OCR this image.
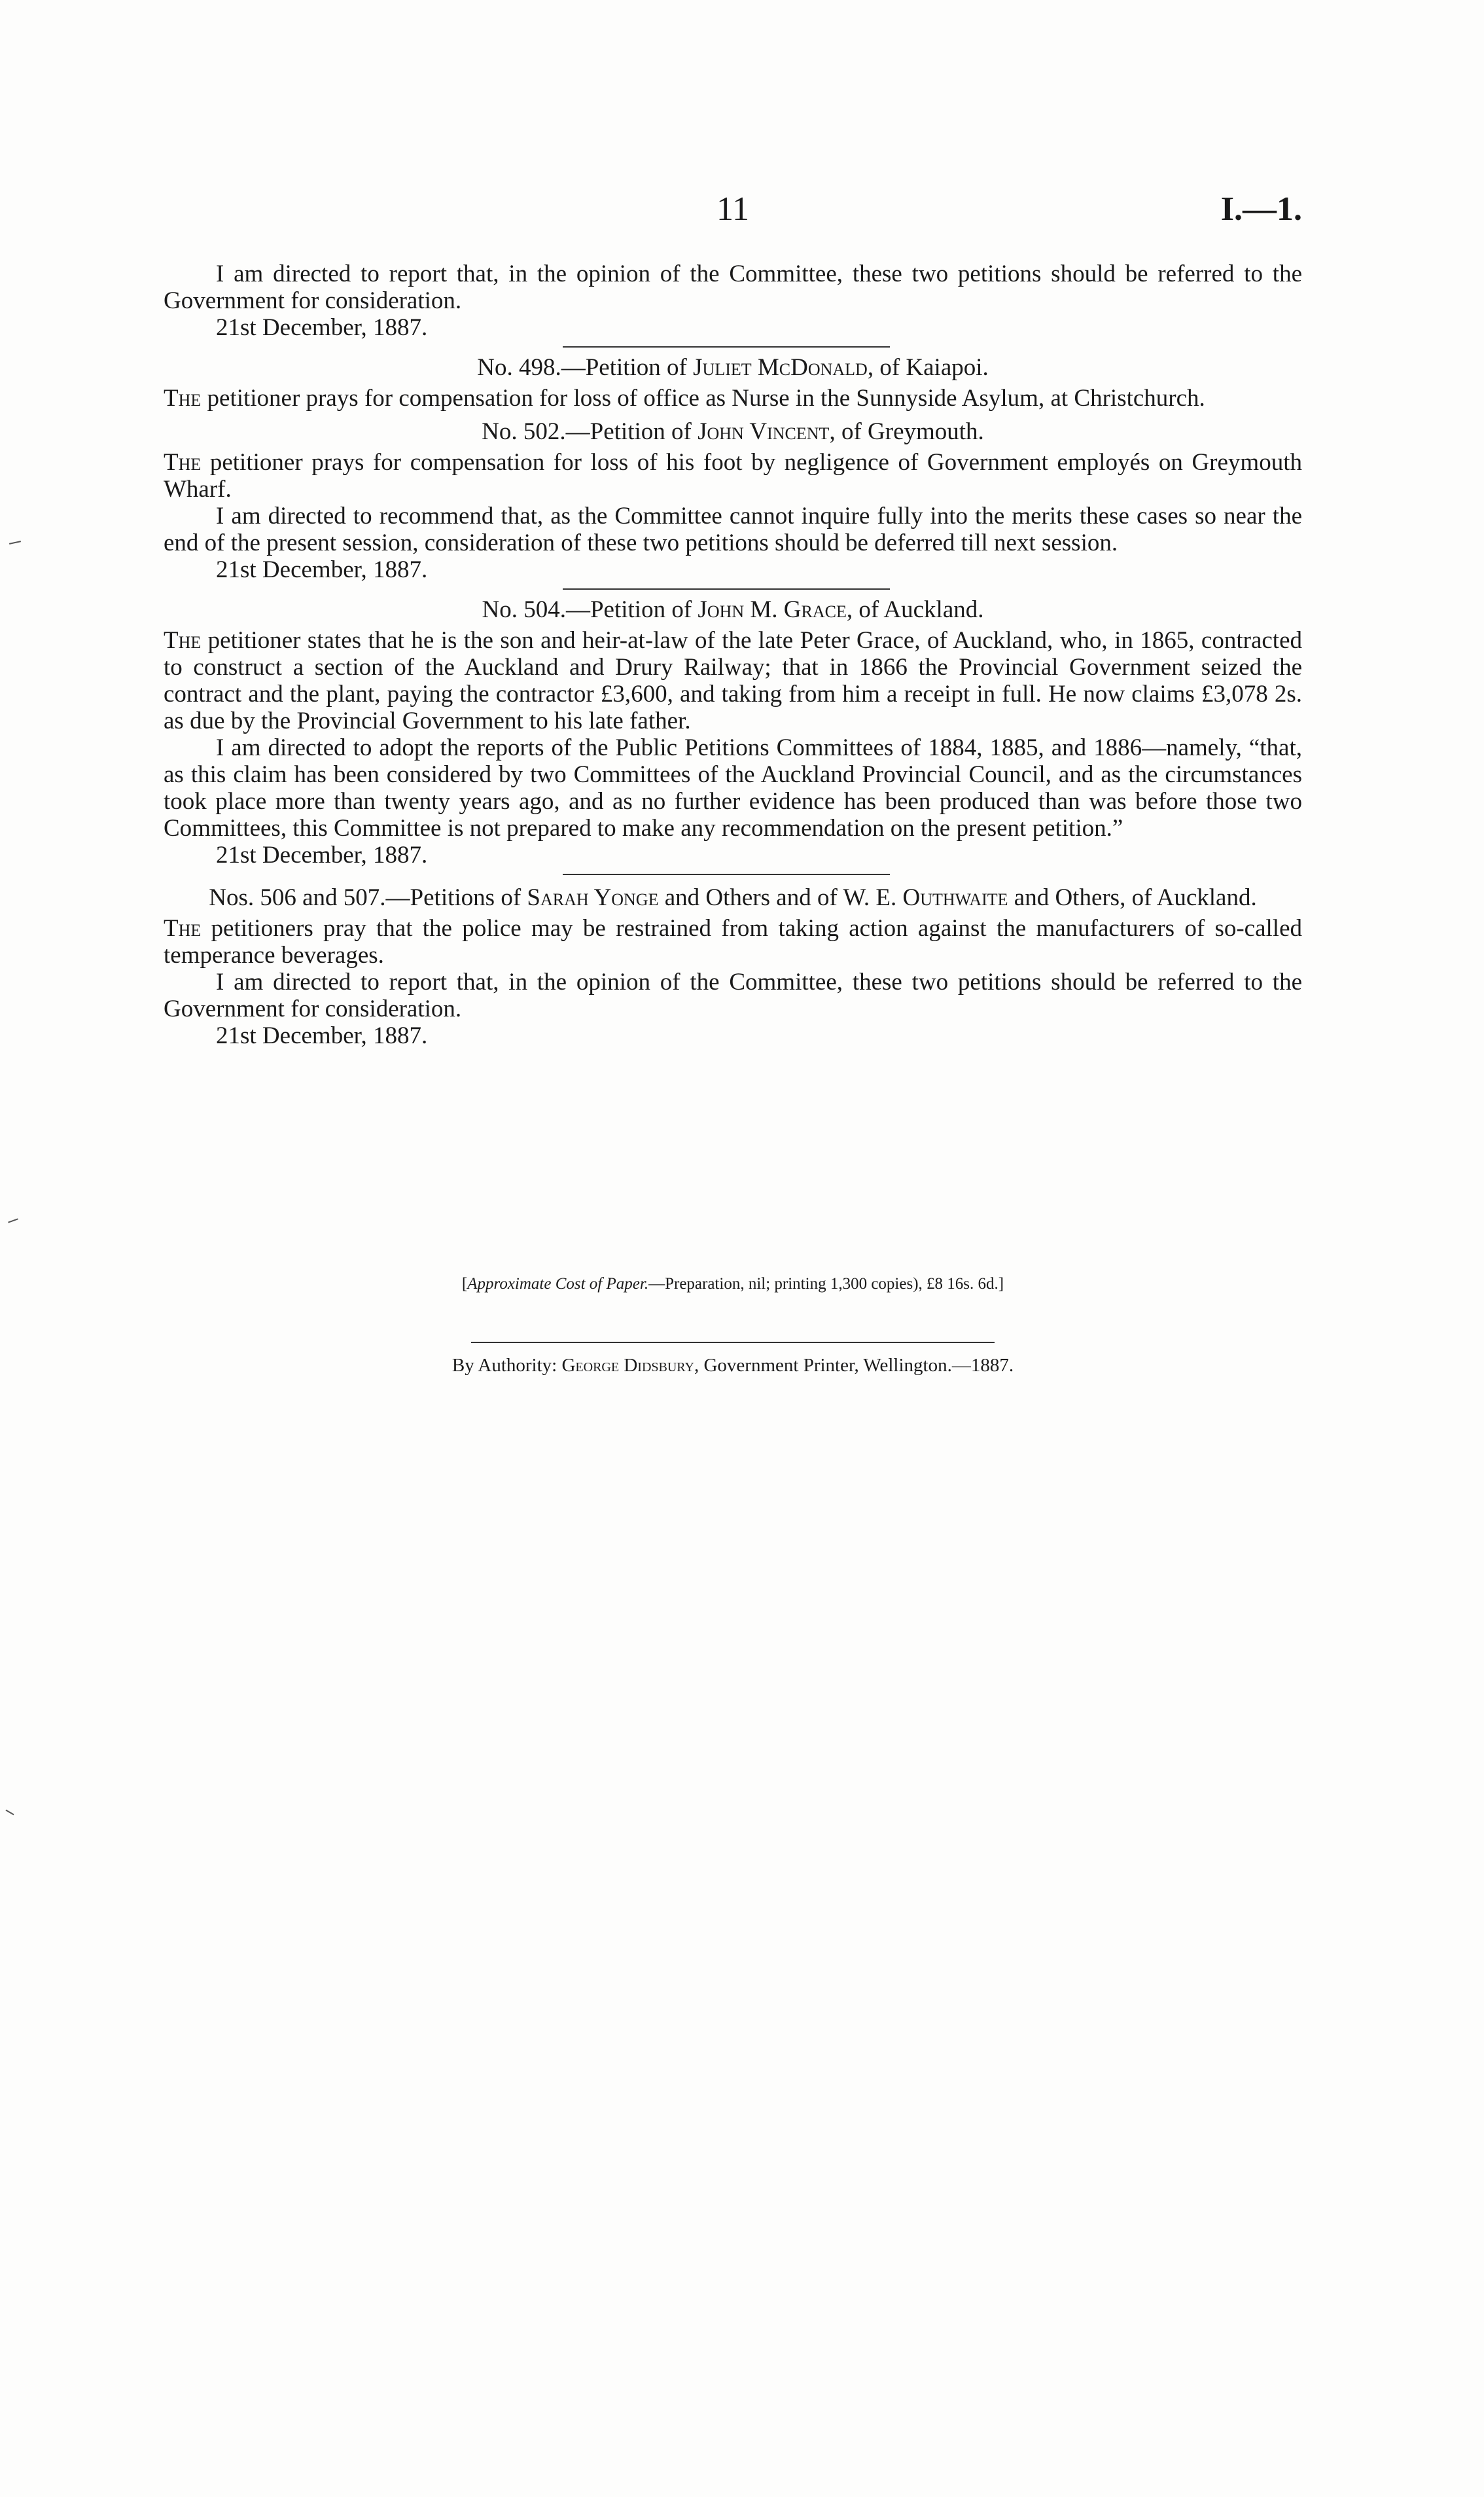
11	I.—1.

I am directed to report that, in the opinion of the Committee, these two petitions should be referred to the Government for consideration.

21st December, 1887.

No. 498.—Petition of Juliet McDonald, of Kaiapoi.

The petitioner prays for compensation for loss of office as Nurse in the Sunnyside Asylum, at Christchurch.

No. 502.—Petition of John Vincent, of Greymouth.

The petitioner prays for compensation for loss of his foot by negligence of Government employés on Greymouth Wharf.

I am directed to recommend that, as the Committee cannot inquire fully into the merits these cases so near the end of the present session, consideration of these two petitions should be deferred till next session.

21st December, 1887.

No. 504.—Petition of John M. Grace, of Auckland.

The petitioner states that he is the son and heir-at-law of the late Peter Grace, of Auckland, who, in 1865, contracted to construct a section of the Auckland and Drury Railway; that in 1866 the Provincial Government seized the contract and the plant, paying the contractor £3,600, and taking from him a receipt in full. He now claims £3,078 2s. as due by the Provincial Government to his late father.

I am directed to adopt the reports of the Public Petitions Committees of 1884, 1885, and 1886—namely, “that, as this claim has been considered by two Committees of the Auckland Provincial Council, and as the circumstances took place more than twenty years ago, and as no further evidence has been produced than was before those two Committees, this Committee is not prepared to make any recommendation on the present petition.”

21st December, 1887.

Nos. 506 and 507.—Petitions of Sarah Yonge and Others and of W. E. Outhwaite and Others, of Auckland.

The petitioners pray that the police may be restrained from taking action against the manufacturers of so-called temperance beverages.

I am directed to report that, in the opinion of the Committee, these two petitions should be referred to the Government for consideration.

21st December, 1887.

[Approximate Cost of Paper.—Preparation, nil; printing 1,300 copies), £8 16s. 6d.]
By Authority: George Didsbury, Government Printer, Wellington.—1887.
